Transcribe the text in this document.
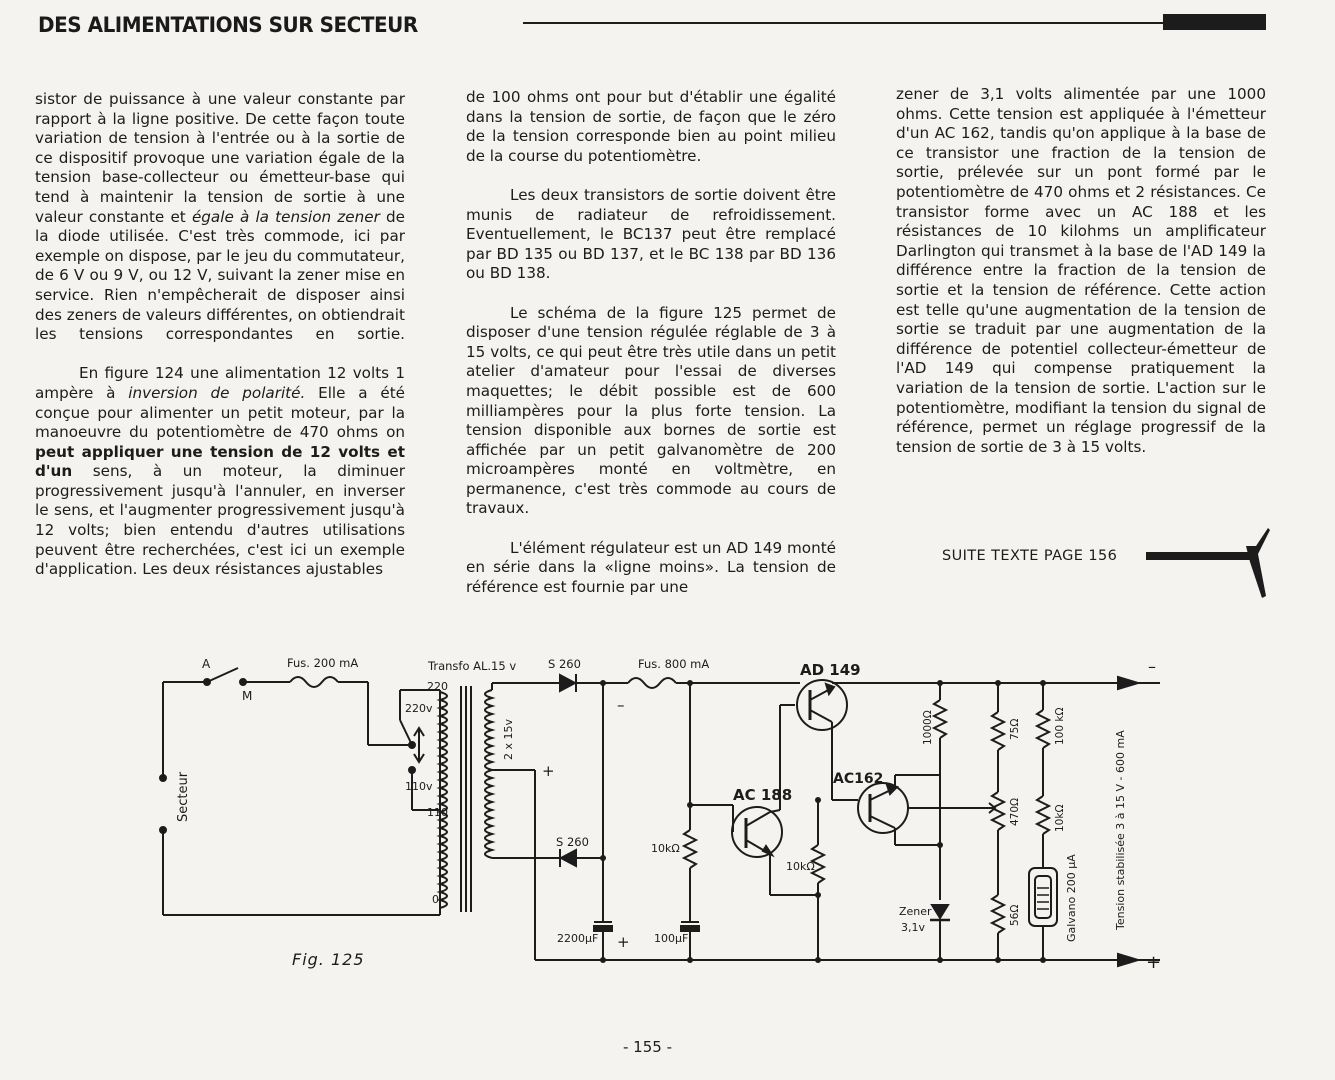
DES ALIMENTATIONS SUR SECTEUR

sistor de puissance à une valeur constante par rapport à la ligne positive. De cette façon toute variation de tension à l'entrée ou à la sortie de ce dispositif provoque une variation égale de la tension base-collecteur ou émetteur-base qui tend à maintenir la tension de sortie à une valeur constante et égale à la tension zener de la diode utilisée. C'est très commode, ici par exemple on dispose, par le jeu du commutateur, de 6 V ou 9 V, ou 12 V, suivant la zener mise en service. Rien n'empêcherait de disposer ainsi des zeners de valeurs différentes, on obtiendrait les tensions correspondantes en sortie.

En figure 124 une alimentation 12 volts 1 ampère à inversion de polarité. Elle a été conçue pour alimenter un petit moteur, par la manoeuvre du potentiomètre de 470 ohms on peut appliquer une tension de 12 volts et d'un sens, à un moteur, la diminuer progressivement jusqu'à l'annuler, en inverser le sens, et l'augmenter progressivement jusqu'à 12 volts; bien entendu d'autres utilisations peuvent être recherchées, c'est ici un exemple d'application. Les deux résistances ajustables

de 100 ohms ont pour but d'établir une égalité dans la tension de sortie, de façon que le zéro de la tension corresponde bien au point milieu de la course du potentiomètre.

Les deux transistors de sortie doivent être munis de radiateur de refroidissement. Eventuellement, le BC137 peut être remplacé par BD 135 ou BD 137, et le BC 138 par BD 136 ou BD 138.

Le schéma de la figure 125 permet de disposer d'une tension régulée réglable de 3 à 15 volts, ce qui peut être très utile dans un petit atelier d'amateur pour l'essai de diverses maquettes; le débit possible est de 600 milliampères pour la plus forte tension. La tension disponible aux bornes de sortie est affichée par un petit galvanomètre de 200 microampères monté en voltmètre, en permanence, c'est très commode au cours de travaux.

L'élément régulateur est un AD 149 monté en série dans la «ligne moins». La tension de référence est fournie par une

zener de 3,1 volts alimentée par une 1000 ohms. Cette tension est appliquée à l'émetteur d'un AC 162, tandis qu'on applique à la base de ce transistor une fraction de la tension de sortie, prélevée sur un pont formé par le potentiomètre de 470 ohms et 2 résistances. Ce transistor forme avec un AC 188 et les résistances de 10 kilohms un amplificateur Darlington qui transmet à la base de l'AD 149 la différence entre la fraction de la tension de sortie et la tension de référence. Cette action est telle qu'une augmentation de la tension de sortie se traduit par une augmentation de la différence de potentiel collecteur-émetteur de l'AD 149 qui compense pratiquement la variation de la tension de sortie. L'action sur le potentiomètre, modifiant la tension du signal de référence, permet un réglage progressif de la tension de sortie de 3 à 15 volts.

SUITE TEXTE PAGE 156
A
M
Secteur
Fus. 200 mA
220v
110v
220
110
0
Transfo AL.15 v
2 x 15v
S 260
S 260
+
–
2200µF +
Fus. 800 mA	AD 149	–
10kΩ
100µF
AC 188
10kΩ
AC162
1000Ω
Zener
3,1v
75Ω
470Ω
56Ω
100 kΩ
10kΩ
Galvano 200 µA
+
Tension stabilisée 3 à 15 V - 600 mA
Fig. 125
- 155 -
